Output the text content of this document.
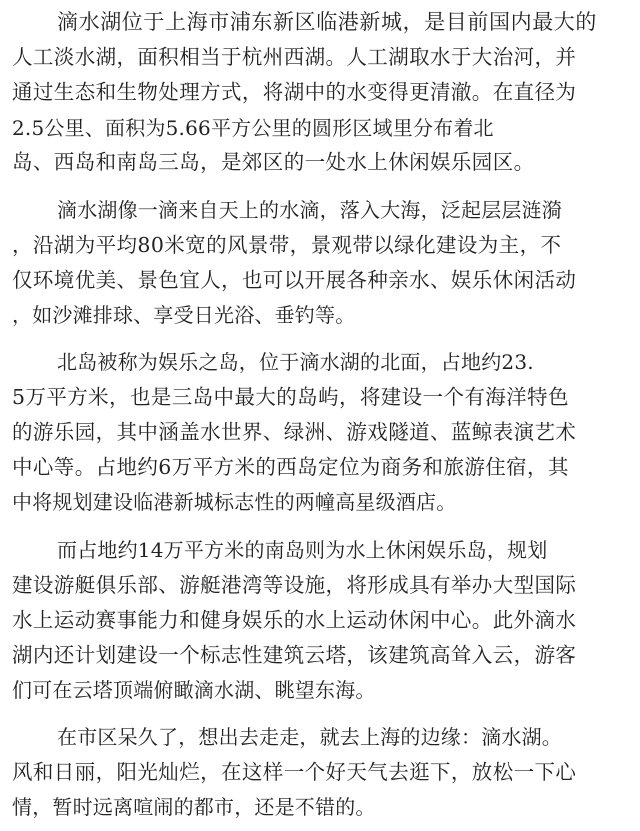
滴水湖位于上海市浦东新区临港新城，是目前国内最大的
人工淡水湖，面积相当于杭州西湖。人工湖取水于大治河，并
通过生态和生物处理方式，将湖中的水变得更清澈。在直径为
2.5公里、面积为5.66平方公里的圆形区域里分布着北
岛、西岛和南岛三岛，是郊区的一处水上休闲娱乐园区。
滴水湖像一滴来自天上的水滴，落入大海，泛起层层涟漪
，沿湖为平均80米宽的风景带，景观带以绿化建设为主，不
仅环境优美、景色宜人，也可以开展各种亲水、娱乐休闲活动
，如沙滩排球、享受日光浴、垂钓等。
北岛被称为娱乐之岛，位于滴水湖的北面，占地约23.
5万平方米，也是三岛中最大的岛屿，将建设一个有海洋特色
的游乐园，其中涵盖水世界、绿洲、游戏隧道、蓝鲸表演艺术
中心等。占地约6万平方米的西岛定位为商务和旅游住宿，其
中将规划建设临港新城标志性的两幢高星级酒店。
而占地约14万平方米的南岛则为水上休闲娱乐岛，规划
建设游艇俱乐部、游艇港湾等设施，将形成具有举办大型国际
水上运动赛事能力和健身娱乐的水上运动休闲中心。此外滴水
湖内还计划建设一个标志性建筑云塔，该建筑高耸入云，游客
们可在云塔顶端俯瞰滴水湖、眺望东海。
在市区呆久了，想出去走走，就去上海的边缘：滴水湖。
风和日丽，阳光灿烂，在这样一个好天气去逛下，放松一下心
情，暂时远离喧闹的都市，还是不错的。
